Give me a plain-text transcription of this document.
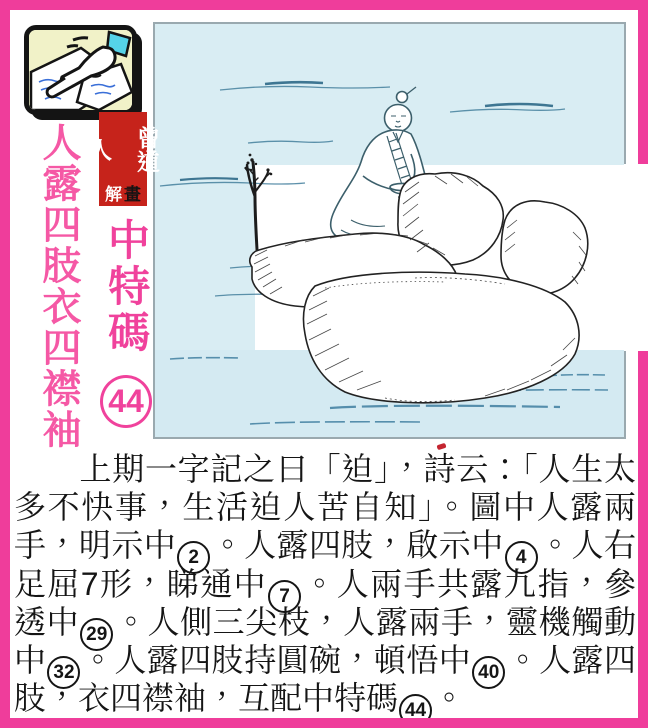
人露四肢衣四襟袖	曾道人
解 畫
中特碼
44
　　上期一字記之曰「迫」，詩云：「人生太
多不快事，生活迫人苦自知」。圖中人露兩
手，明示中 2 。人露四肢，啟示中 4 。人右
足屈7形，睇通中 7 。人兩手共露九指，參
透中 29 。人側三尖枝，人露兩手，靈機觸動
中 32 。人露四肢持圓碗，頓悟中 40 。人露四
肢，衣四襟袖，互配中特碼 44 。
